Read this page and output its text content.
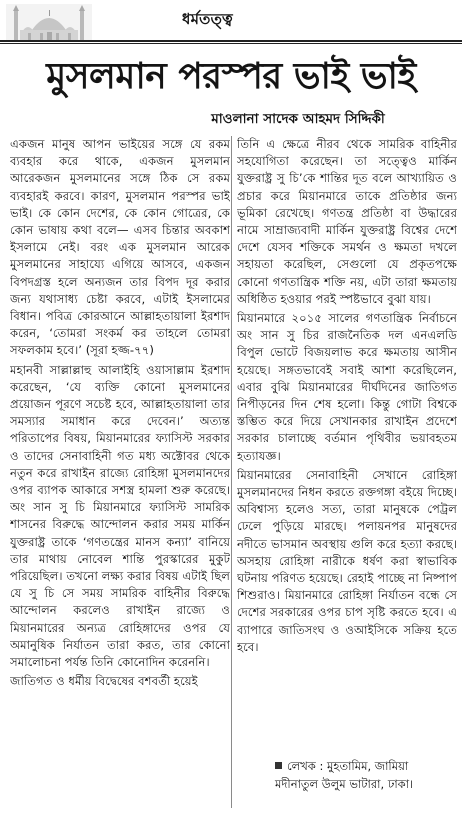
ধর্মতত্ত্ব
মুসলমান পরস্পর ভাই ভাই
মাওলানা সাদেক আহমদ সিদ্দিকী

একজন মানুষ আপন ভাইয়ের সঙ্গে যে রকম ব্যবহার করে থাকে, একজন মুসলমান আরেকজন মুসলমানের সঙ্গে ঠিক সে রকম ব্যবহারই করবে। কারণ, মুসলমান পরস্পর ভাই ভাই। কে কোন দেশের, কে কোন গোত্রের, কে কোন ভাষায় কথা বলে— এসব চিন্তার অবকাশ ইসলামে নেই। বরং এক মুসলমান আরেক মুসলমানের সাহায্যে এগিয়ে আসবে, একজন বিপদগ্রস্ত হলে অন্যজন তার বিপদ দূর করার জন্য যথাসাধ্য চেষ্টা করবে, এটাই ইসলামের বিধান। পবিত্র কোরআনে আল্লাহতায়ালা ইরশাদ করেন, ‘তোমরা সংকর্ম কর তাহলে তোমরা সফলকাম হবে।’ (সূরা হজ্জ-৭৭)

মহানবী সাল্লাল্লাহু আলাইহি ওয়াসাল্লাম ইরশাদ করেছেন, ‘যে ব্যক্তি কোনো মুসলমানের প্রয়োজন পূরণে সচেষ্ট হবে, আল্লাহতায়ালা তার সমস্যার সমাধান করে দেবেন।’ অত্যন্ত পরিতাপের বিষয়, মিয়ানমারের ফ্যাসিস্ট সরকার ও তাদের সেনাবাহিনী গত মধ্য অক্টোবর থেকে নতুন করে রাখাইন রাজ্যে রোহিঙ্গা মুসলমানদের ওপর ব্যাপক আকারে সশস্ত্র হামলা শুরু করেছে। অং সান সু চি মিয়ানমারে ফ্যাসিস্ট সামরিক শাসনের বিরুদ্ধে আন্দোলন করার সময় মার্কিন যুক্তরাষ্ট্র তাকে ‘গণতন্ত্রের মানস কন্যা’ বানিয়ে তার মাথায় নোবেল শান্তি পুরস্কারের মুকুট পরিয়েছিল। তখনো লক্ষ্য করার বিষয় এটাই ছিল যে সু চি সে সময় সামরিক বাহিনীর বিরুদ্ধে আন্দোলন করলেও রাখাইন রাজ্যে ও মিয়ানমারের অন্যত্র রোহিঙ্গাদের ওপর যে অমানুষিক নির্যাতন তারা করত, তার কোনো সমালোচনা পর্যন্ত তিনি কোনোদিন করেননি।

জাতিগত ও ধর্মীয় বিদ্বেষের বশবর্তী হয়েই

তিনি এ ক্ষেত্রে নীরব থেকে সামরিক বাহিনীর সহযোগিতা করেছেন। তা সত্ত্বেও মার্কিন যুক্তরাষ্ট্র সু চি’কে শান্তির দূত বলে আখ্যায়িত ও প্রচার করে মিয়ানমারে তাকে প্রতিষ্ঠার জন্য ভূমিকা রেখেছে। গণতন্ত্র প্রতিষ্ঠা বা উদ্ধারের নামে সাম্রাজ্যবাদী মার্কিন যুক্তরাষ্ট্র বিশ্বের দেশে দেশে যেসব শক্তিকে সমর্থন ও ক্ষমতা দখলে সহায়তা করেছিল, সেগুলো যে প্রকৃতপক্ষে কোনো গণতান্ত্রিক শক্তি নয়, এটা তারা ক্ষমতায় অধিষ্ঠিত হওয়ার পরই স্পষ্টভাবে বুঝা যায়।

মিয়ানমারে ২০১৫ সালের গণতান্ত্রিক নির্বাচনে অং সান সু চির রাজনৈতিক দল এনএলডি বিপুল ভোটে বিজয়লাভ করে ক্ষমতায় আসীন হয়েছে। সঙ্গতভাবেই সবাই আশা করেছিলেন, এবার বুঝি মিয়ানমারের দীর্ঘদিনের জাতিগত নিপীড়নের দিন শেষ হলো। কিন্তু গোটা বিশ্বকে স্তম্ভিত করে দিয়ে সেখানকার রাখাইন প্রদেশে সরকার চালাচ্ছে বর্তমান পৃথিবীর ভয়াবহতম হত্যাযজ্ঞ।

মিয়ানমারের সেনাবাহিনী সেখানে রোহিঙ্গা মুসলমানদের নিধন করতে রক্তগঙ্গা বইয়ে দিচ্ছে। অবিশ্বাস্য হলেও সত্য, তারা মানুষকে পেট্রল ঢেলে পুড়িয়ে মারছে। পলায়নপর মানুষদের নদীতে ভাসমান অবস্থায় গুলি করে হত্যা করছে। অসহায় রোহিঙ্গা নারীকে ধর্ষণ করা স্বাভাবিক ঘটনায় পরিণত হয়েছে। রেহাই পাচ্ছে না নিষ্পাপ শিশুরাও। মিয়ানমারে রোহিঙ্গা নির্যাতন বন্ধে সে দেশের সরকারের ওপর চাপ সৃষ্টি করতে হবে। এ ব্যাপারে জাতিসংঘ ও ওআইসিকে সক্রিয় হতে হবে।

লেখক : মুহতামিম, জামিয়া
মদীনাতুল উলুম ভাটারা, ঢাকা।
